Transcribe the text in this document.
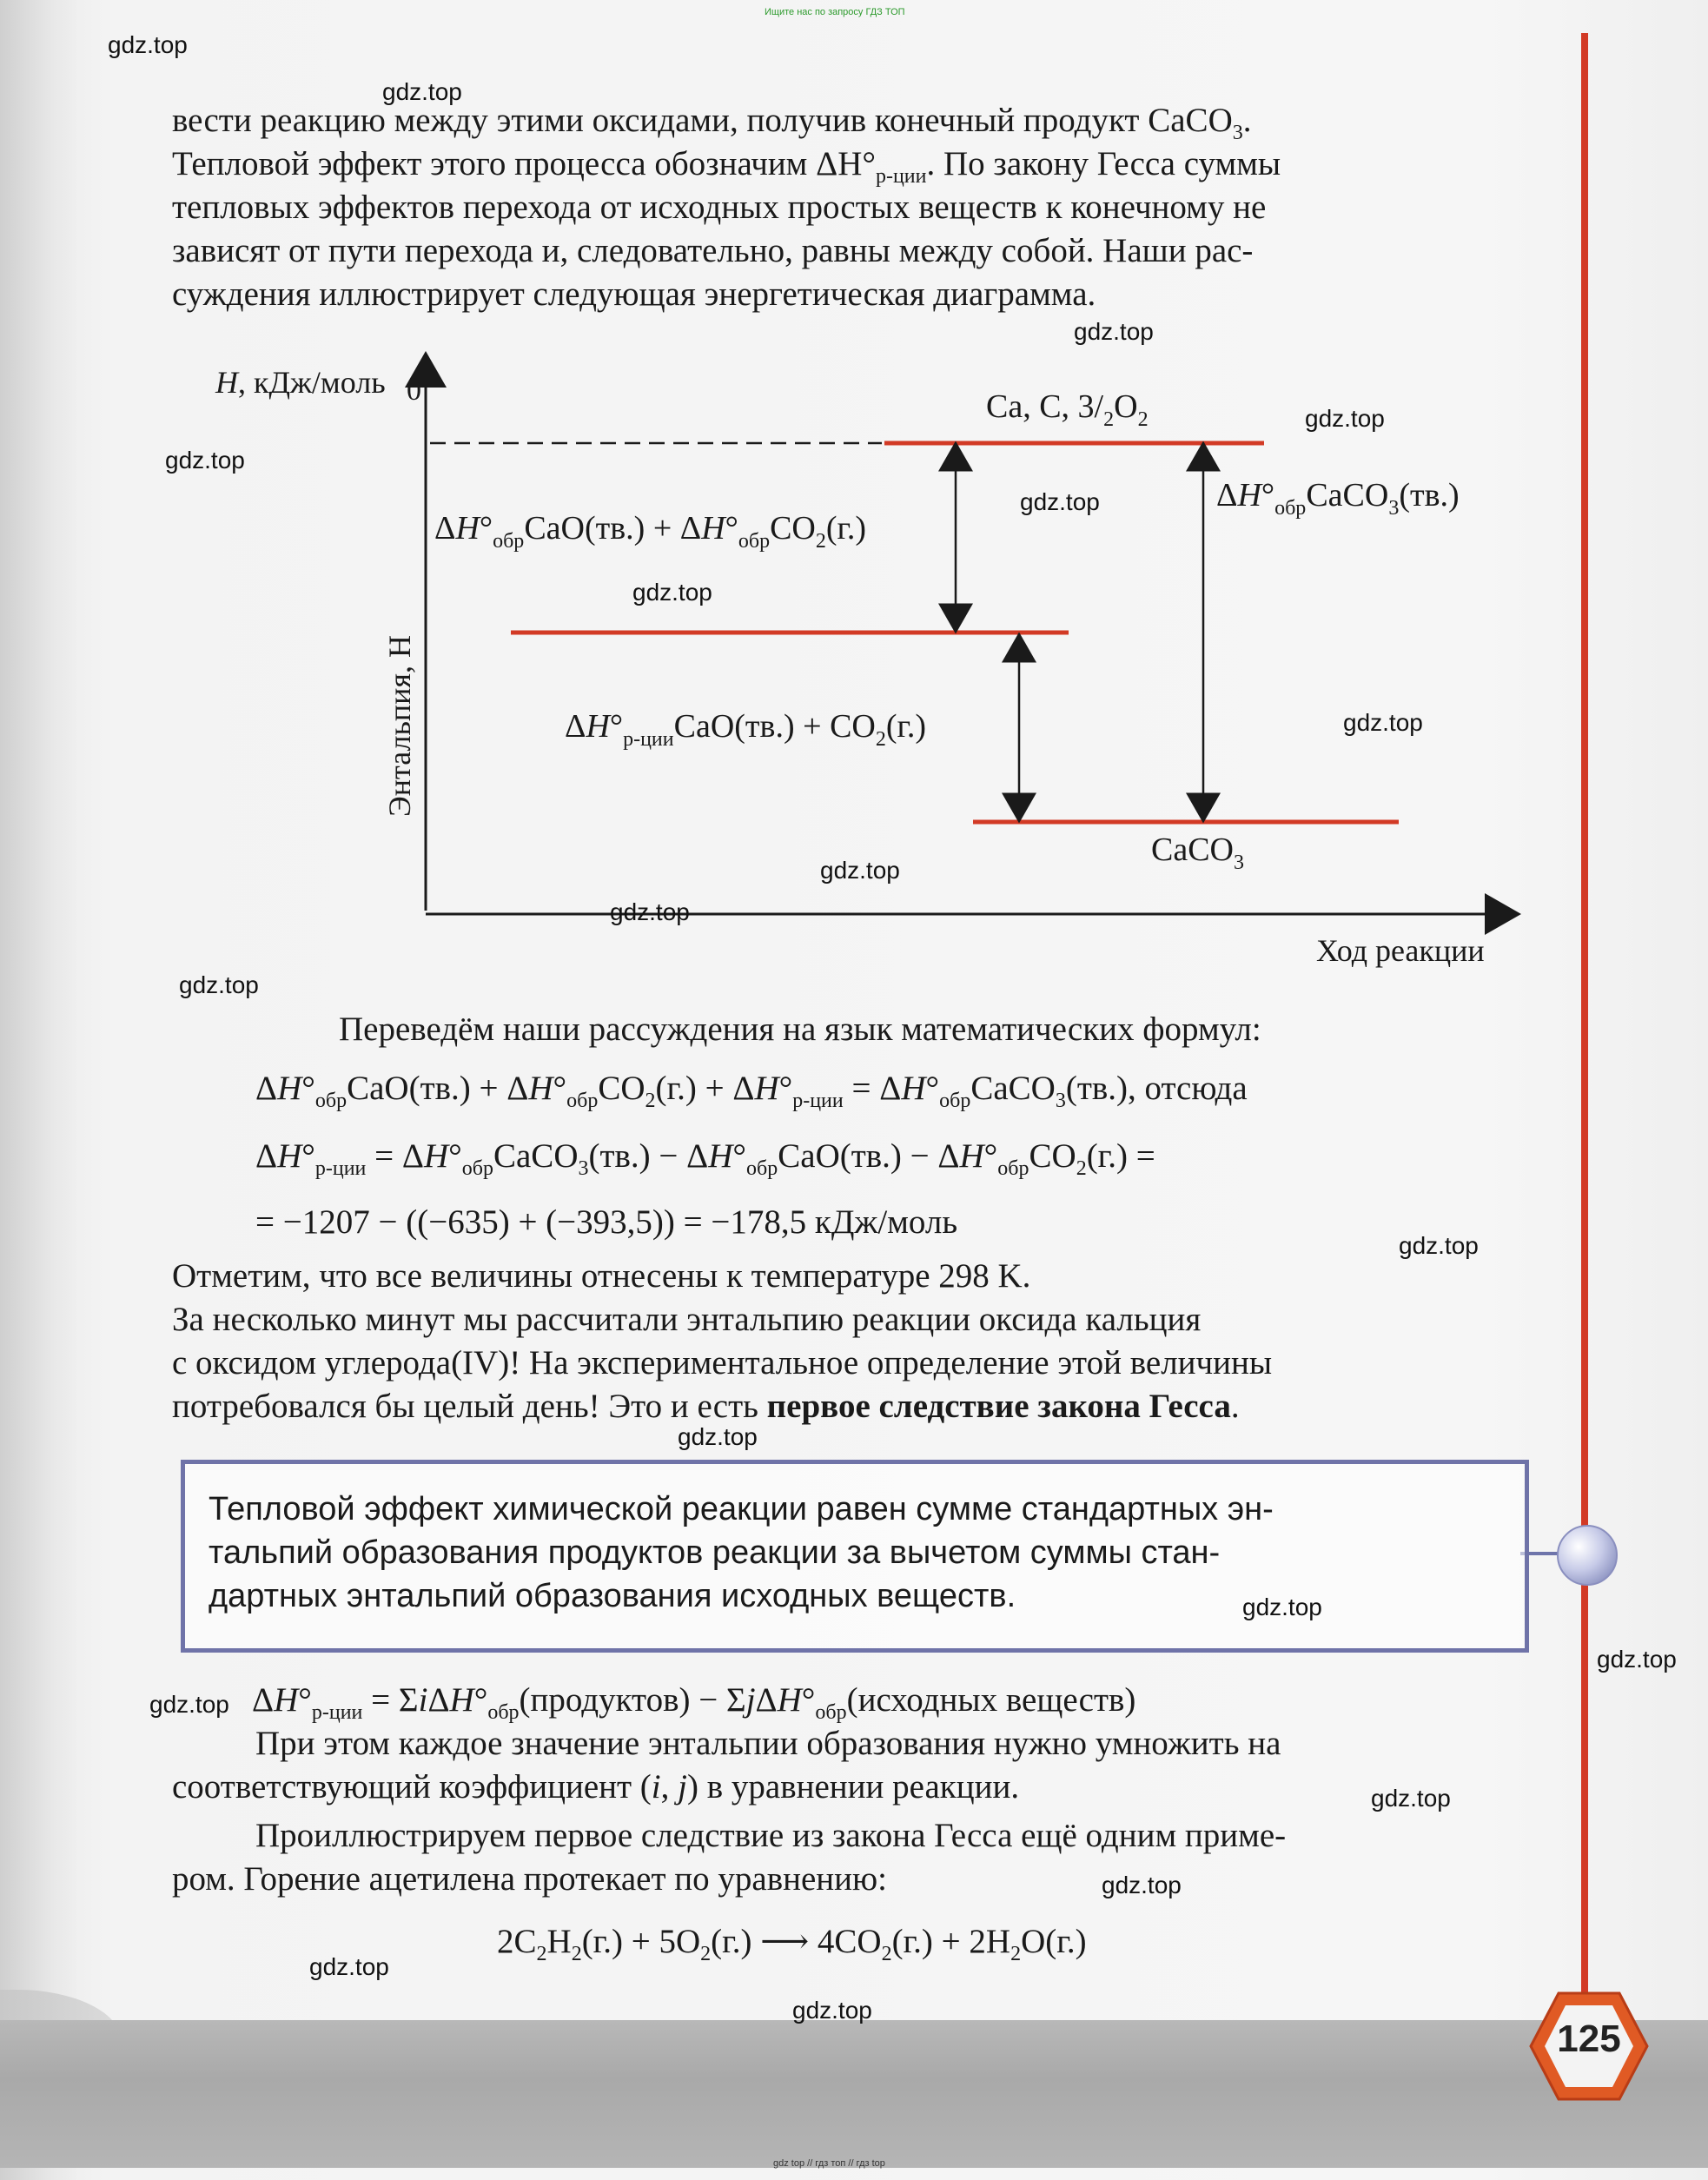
125
Ищите нас по запросу ГДЗ ТОП
gdz top // гдз топ // гдз top
вести реакцию между этими оксидами, получив конечный продукт CaCO$_3$.
Тепловой эффект этого процесса обозначим $\Delta H^\circ_{р-ции}$. По закону Гесса суммы
тепловых эффектов перехода от исходных простых веществ к конечному не
зависят от пути перехода и, следовательно, равны между собой. Наши рас-
суждения иллюстрирует следующая энергетическая диаграмма.
H, кДж/моль 0
Энтальпия, H
Ход реакции
Ca, C, $3/_2O_2$
$\Delta H^\circ_{обр}CaO(тв.) + \Delta H^\circ_{обр}CO_2(г.)$
$\Delta H^\circ_{обр}CaCO_3(тв.)$
$\Delta H^\circ_{р-ции}CaO(тв.) + CO_2(г.)$
CaCO$_3$
Переведём наши рассуждения на язык математических формул:
$\Delta H^\circ_{обр}CaO(тв.) + \Delta H^\circ_{обр}CO_2(г.) + \Delta H^\circ_{р-ции}$ = $\Delta H^\circ_{обр}CaCO_3(тв.)$, отсюда
$\Delta H^\circ_{р-ции}$ = $\Delta H^\circ_{обр}CaCO_3(тв.) - \Delta H^\circ_{обр}CaO(тв.) - \Delta H^\circ_{обр}CO_2(г.)$ =
= −1207 − ((−635) + (−393,5)) = −178,5 кДж/моль
Отметим, что все величины отнесены к температуре 298 K.
За несколько минут мы рассчитали энтальпию реакции оксида кальция
с оксидом углерода(IV)! На экспериментальное определение этой величины
потребовался бы целый день! Это и есть первое следствие закона Гесса.
Тепловой эффект химической реакции равен сумме стандартных эн-
тальпий образования продуктов реакции за вычетом суммы стан-
дартных энтальпий образования исходных веществ.
$\Delta H^\circ_{р-ции}$ = $\Sigma i\Delta H^\circ_{обр}(продуктов)$ − $\Sigma j\Delta H^\circ_{обр}(исходных$ веществ)
При этом каждое значение энтальпии образования нужно умножить на
соответствующий коэффициент (i, j) в уравнении реакции.
Проиллюстрируем первое следствие из закона Гесса ещё одним приме-
ром. Горение ацетилена протекает по уравнению:
$2C_2H_2(г.) + 5O_2(г.)$ ⟶ $4CO_2(г.) + 2H_2O(г.)$
gdz.top
gdz.top
gdz.top
gdz.top
gdz.top
gdz.top
gdz.top
gdz.top
gdz.top
gdz.top
gdz.top
gdz.top
gdz.top
gdz.top
gdz.top
gdz.top
gdz.top
gdz.top
gdz.top
gdz.top
